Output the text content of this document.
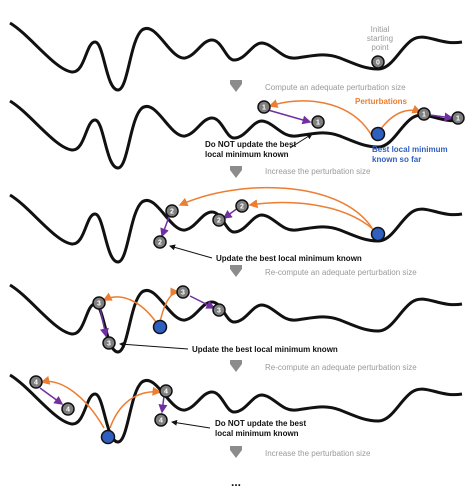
0
Initial
starting
point
Compute an adequate perturbation size
1
1
1
1
Perturbations
Do NOT update the best
local minimum known
Best local minimum
known so far
Increase the perturbation size
2
2
2
2
Update the best local minimum known
Re-compute an adequate perturbation size
3
3
3
3
Update the best local minimum known
Re-compute an adequate perturbation size
4
4
4
4	Do NOT update the best
local minimum known
Increase the perturbation size
...
